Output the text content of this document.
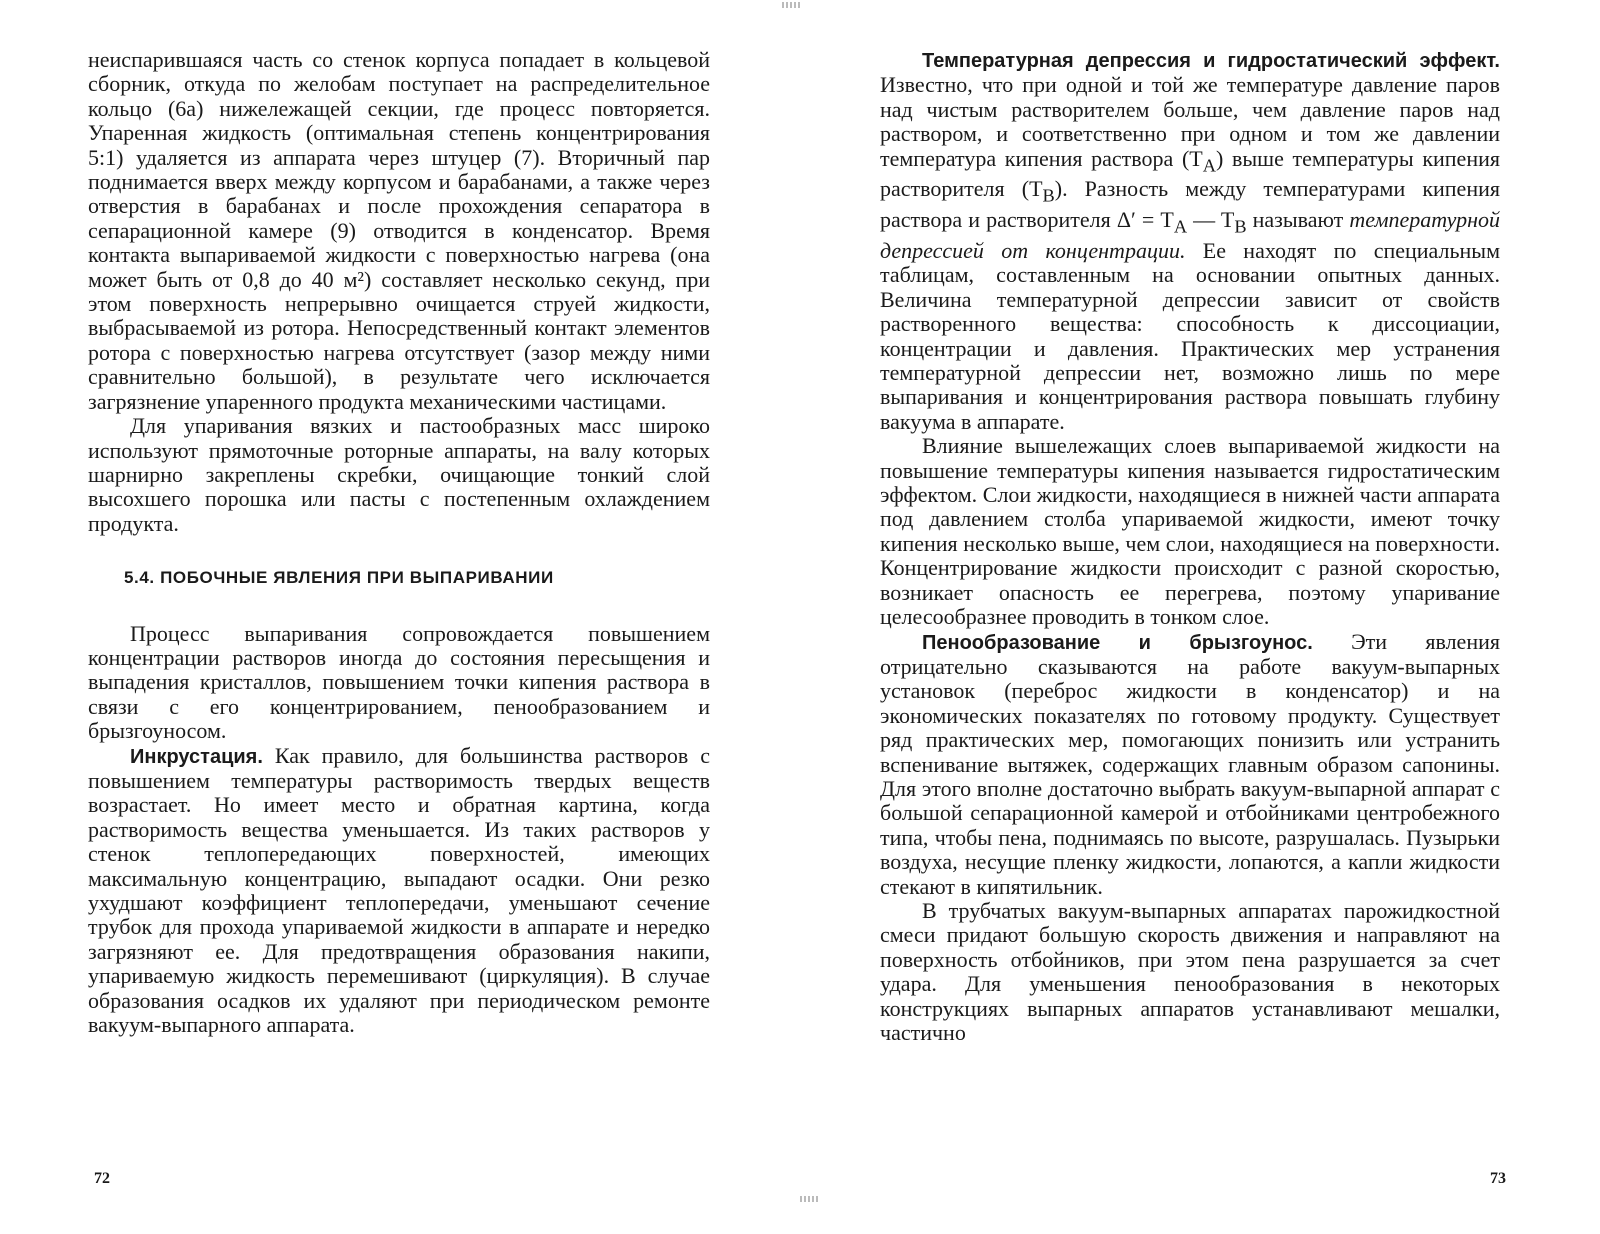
неиспарившаяся часть со стенок корпуса попадает в кольцевой сборник, откуда по желобам поступает на распределительное кольцо (6а) нижележащей секции, где процесс повторяется. Упаренная жидкость (оптимальная степень концентрирования 5:1) удаляется из аппарата через штуцер (7). Вторичный пар поднимается вверх между корпусом и барабанами, а также через отверстия в барабанах и после прохождения сепаратора в сепарационной камере (9) отводится в конденсатор. Время контакта выпариваемой жидкости с поверхностью нагрева (она может быть от 0,8 до 40 м²) составляет несколько секунд, при этом поверхность непрерывно очищается струей жидкости, выбрасываемой из ротора. Непосредственный контакт элементов ротора с поверхностью нагрева отсутствует (зазор между ними сравнительно большой), в результате чего исключается загрязнение упаренного продукта механическими частицами.

Для упаривания вязких и пастообразных масс широко используют прямоточные роторные аппараты, на валу которых шарнирно закреплены скребки, очищающие тонкий слой высохшего порошка или пасты с постепенным охлаждением продукта.

5.4. ПОБОЧНЫЕ ЯВЛЕНИЯ ПРИ ВЫПАРИВАНИИ

Процесс выпаривания сопровождается повышением концентрации растворов иногда до состояния пересыщения и выпадения кристаллов, повышением точки кипения раствора в связи с его концентрированием, пенообразованием и брызгоуносом.

Инкрустация. Как правило, для большинства растворов с повышением температуры растворимость твердых веществ возрастает. Но имеет место и обратная картина, когда растворимость вещества уменьшается. Из таких растворов у стенок теплопередающих поверхностей, имеющих максимальную концентрацию, выпадают осадки. Они резко ухудшают коэффициент теплопередачи, уменьшают сечение трубок для прохода упариваемой жидкости в аппарате и нередко загрязняют ее. Для предотвращения образования накипи, упариваемую жидкость перемешивают (циркуляция). В случае образования осадков их удаляют при периодическом ремонте вакуум-выпарного аппарата.

72

Температурная депрессия и гидростатический эффект. Известно, что при одной и той же температуре давление паров над чистым растворителем больше, чем давление паров над раствором, и соответственно при одном и том же давлении температура кипения раствора $(T_A)$ выше температуры кипения растворителя $(T_B)$. Разность между температурами кипения раствора и растворителя $\Delta' = T_A$ — $T_B$ называют температурной депрессией от концентрации. Ее находят по специальным таблицам, составленным на основании опытных данных. Величина температурной депрессии зависит от свойств растворенного вещества: способность к диссоциации, концентрации и давления. Практических мер устранения температурной депрессии нет, возможно лишь по мере выпаривания и концентрирования раствора повышать глубину вакуума в аппарате.

Влияние вышележащих слоев выпариваемой жидкости на повышение температуры кипения называется гидростатическим эффектом. Слои жидкости, находящиеся в нижней части аппарата под давлением столба упариваемой жидкости, имеют точку кипения несколько выше, чем слои, находящиеся на поверхности. Концентрирование жидкости происходит с разной скоростью, возникает опасность ее перегрева, поэтому упаривание целесообразнее проводить в тонком слое.

Пенообразование и брызгоунос. Эти явления отрицательно сказываются на работе вакуум-выпарных установок (переброс жидкости в конденсатор) и на экономических показателях по готовому продукту. Существует ряд практических мер, помогающих понизить или устранить вспенивание вытяжек, содержащих главным образом сапонины. Для этого вполне достаточно выбрать вакуум-выпарной аппарат с большой сепарационной камерой и отбойниками центробежного типа, чтобы пена, поднимаясь по высоте, разрушалась. Пузырьки воздуха, несущие пленку жидкости, лопаются, а капли жидкости стекают в кипятильник.

В трубчатых вакуум-выпарных аппаратах парожидкостной смеси придают большую скорость движения и направляют на поверхность отбойников, при этом пена разрушается за счет удара. Для уменьшения пенообразования в некоторых конструкциях выпарных аппаратов устанавливают мешалки, частично

73
